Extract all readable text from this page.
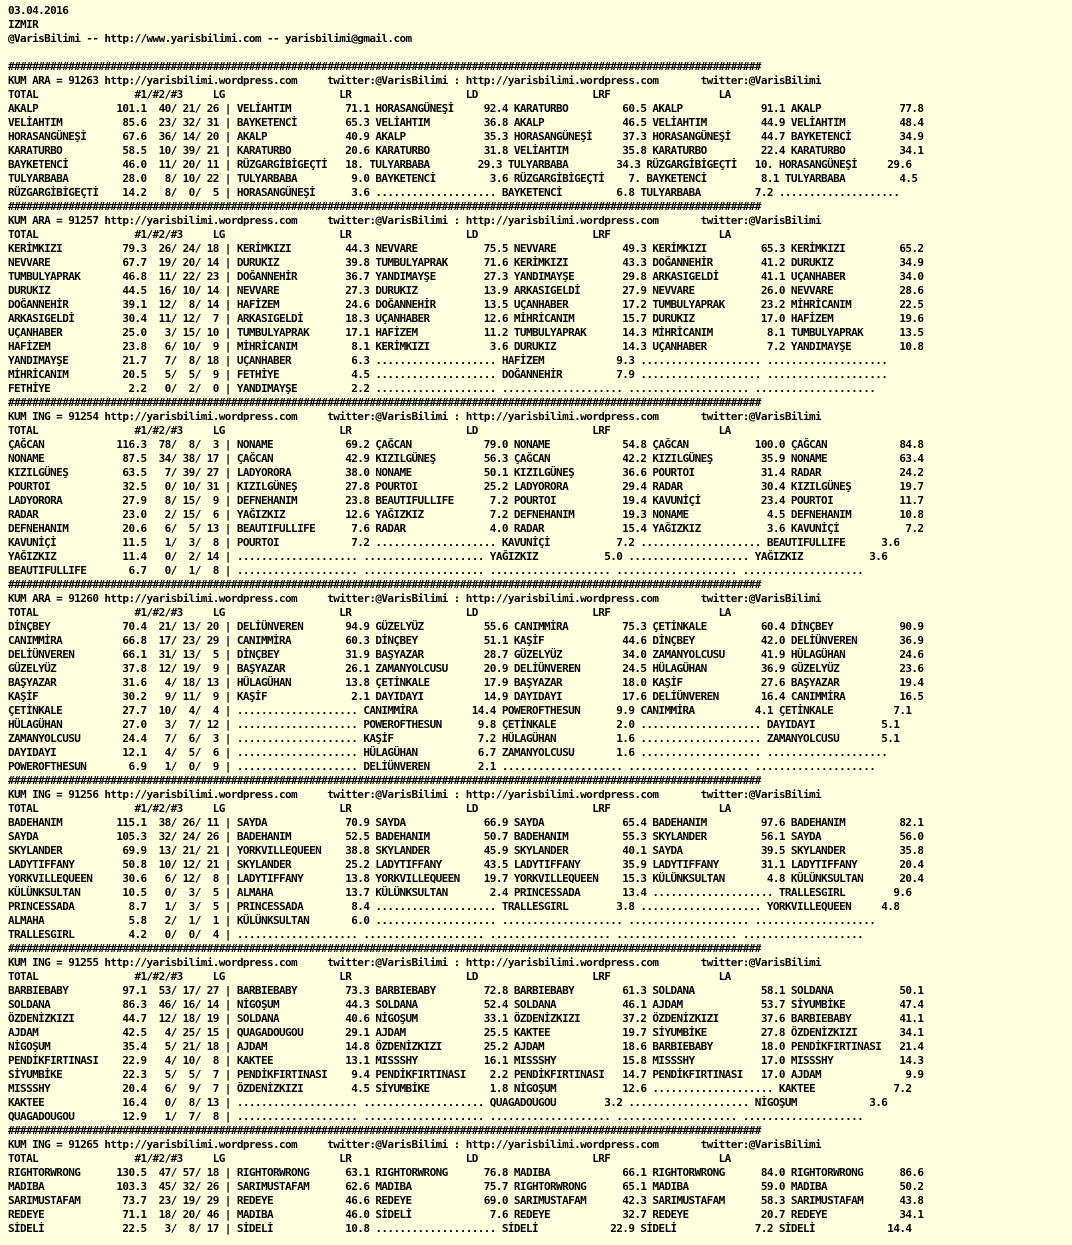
03.04.2016
IZMIR
@VarisBilimi -- http://www.yarisbilimi.com -- yarisbilimi@gmail.com

#############################################################################################################################
KUM ARA = 91263 http://yarisbilimi.wordpress.com     twitter:@VarisBilimi : http://yarisbilimi.wordpress.com       twitter:@VarisBilimi
TOTAL                #1/#2/#3     LG                   LR                   LD                   LRF                  LA
AKALP             101.1  40/ 21/ 26 | VELİAHTIM         71.1 HORASANGÜNEŞİ     92.4 KARATURBO         60.5 AKALP             91.1 AKALP             77.8
VELİAHTIM          85.6  23/ 32/ 31 | BAYKETENCİ        65.3 VELİAHTIM         36.8 AKALP             46.5 VELİAHTIM         44.9 VELİAHTIM         48.4
HORASANGÜNEŞİ      67.6  36/ 14/ 20 | AKALP             40.9 AKALP             35.3 HORASANGÜNEŞİ     37.3 HORASANGÜNEŞİ     44.7 BAYKETENCİ        34.9
KARATURBO          58.5  10/ 39/ 21 | KARATURBO         20.6 KARATURBO         31.8 VELİAHTIM         35.8 KARATURBO         22.4 KARATURBO         34.1
BAYKETENCİ         46.0  11/ 20/ 11 | RÜZGARGİBİGEÇTİ   18. TULYARBABA        29.3 TULYARBABA        34.3 RÜZGARGİBİGEÇTİ   10. HORASANGÜNEŞİ     29.6
TULYARBABA         28.0   8/ 10/ 22 | TULYARBABA         9.0 BAYKETENCİ         3.6 RÜZGARGİBİGEÇTİ    7. BAYKETENCİ         8.1 TULYARBABA         4.5
RÜZGARGİBİGEÇTİ    14.2   8/  0/  5 | HORASANGÜNEŞİ      3.6 .................... BAYKETENCİ         6.8 TULYARBABA         7.2 ....................
#############################################################################################################################
KUM ARA = 91257 http://yarisbilimi.wordpress.com     twitter:@VarisBilimi : http://yarisbilimi.wordpress.com       twitter:@VarisBilimi
TOTAL                #1/#2/#3     LG                   LR                   LD                   LRF                  LA
KERİMKIZI          79.3  26/ 24/ 18 | KERİMKIZI         44.3 NEVVARE           75.5 NEVVARE           49.3 KERİMKIZI         65.3 KERİMKIZI         65.2
NEVVARE            67.7  19/ 20/ 14 | DURUKIZ           39.8 TUMBULYAPRAK      71.6 KERİMKIZI         43.3 DOĞANNEHİR        41.2 DURUKIZ           34.9
TUMBULYAPRAK       46.8  11/ 22/ 23 | DOĞANNEHİR        36.7 YANDIMAYŞE        27.3 YANDIMAYŞE        29.8 ARKASIGELDİ       41.1 UÇANHABER         34.0
DURUKIZ            44.5  16/ 10/ 14 | NEVVARE           27.3 DURUKIZ           13.9 ARKASIGELDİ       27.9 NEVVARE           26.0 NEVVARE           28.6
DOĞANNEHİR         39.1  12/  8/ 14 | HAFİZEM           24.6 DOĞANNEHİR        13.5 UÇANHABER         17.2 TUMBULYAPRAK      23.2 MİHRİCANIM        22.5
ARKASIGELDİ        30.4  11/ 12/  7 | ARKASIGELDİ       18.3 UÇANHABER         12.6 MİHRİCANIM        15.7 DURUKIZ           17.0 HAFİZEM           19.6
UÇANHABER          25.0   3/ 15/ 10 | TUMBULYAPRAK      17.1 HAFİZEM           11.2 TUMBULYAPRAK      14.3 MİHRİCANIM         8.1 TUMBULYAPRAK      13.5
HAFİZEM            23.8   6/ 10/  9 | MİHRİCANIM         8.1 KERİMKIZI          3.6 DURUKIZ           14.3 UÇANHABER          7.2 YANDIMAYŞE        10.8
YANDIMAYŞE         21.7   7/  8/ 18 | UÇANHABER          6.3 .................... HAFİZEM            9.3 .................... ....................
MİHRİCANIM         20.5   5/  5/  9 | FETHİYE            4.5 .................... DOĞANNEHİR         7.9 .................... ....................
FETHİYE             2.2   0/  2/  0 | YANDIMAYŞE         2.2 .................... .................... .................... ....................
#############################################################################################################################
KUM ING = 91254 http://yarisbilimi.wordpress.com     twitter:@VarisBilimi : http://yarisbilimi.wordpress.com       twitter:@VarisBilimi
TOTAL                #1/#2/#3     LG                   LR                   LD                   LRF                  LA
ÇAĞCAN            116.3  78/  8/  3 | NONAME            69.2 ÇAĞCAN            79.0 NONAME            54.8 ÇAĞCAN           100.0 ÇAĞCAN            84.8
NONAME             87.5  34/ 38/ 17 | ÇAĞCAN            42.9 KIZILGÜNEŞ        56.3 ÇAĞCAN            42.2 KIZILGÜNEŞ        35.9 NONAME            63.4
KIZILGÜNEŞ         63.5   7/ 39/ 27 | LADYORORA         38.0 NONAME            50.1 KIZILGÜNEŞ        36.6 POURTOI           31.4 RADAR             24.2
POURTOI            32.5   0/ 10/ 31 | KIZILGÜNEŞ        27.8 POURTOI           25.2 LADYORORA         29.4 RADAR             30.4 KIZILGÜNEŞ        19.7
LADYORORA          27.9   8/ 15/  9 | DEFNEHANIM        23.8 BEAUTIFULLIFE      7.2 POURTOI           19.4 KAVUNİÇİ          23.4 POURTOI           11.7
RADAR              23.0   2/ 15/  6 | YAĞIZKIZ          12.6 YAĞIZKIZ           7.2 DEFNEHANIM        19.3 NONAME             4.5 DEFNEHANIM        10.8
DEFNEHANIM         20.6   6/  5/ 13 | BEAUTIFULLIFE      7.6 RADAR              4.0 RADAR             15.4 YAĞIZKIZ           3.6 KAVUNİÇİ           7.2
KAVUNİÇİ           11.5   1/  3/  8 | POURTOI            7.2 .................... KAVUNİÇİ           7.2 .................... BEAUTIFULLIFE      3.6
YAĞIZKIZ           11.4   0/  2/ 14 | .................... .................... YAĞIZKIZ           5.0 .................... YAĞIZKIZ           3.6
BEAUTIFULLIFE       6.7   0/  1/  8 | .................... .................... .................... .................... ....................
#############################################################################################################################
KUM ARA = 91260 http://yarisbilimi.wordpress.com     twitter:@VarisBilimi : http://yarisbilimi.wordpress.com       twitter:@VarisBilimi
TOTAL                #1/#2/#3     LG                   LR                   LD                   LRF                  LA
DİNÇBEY            70.4  21/ 13/ 20 | DELİÜNVEREN       94.9 GÜZELYÜZ          55.6 CANIMMİRA         75.3 ÇETİNKALE         60.4 DİNÇBEY           90.9
CANIMMİRA          66.8  17/ 23/ 29 | CANIMMİRA         60.3 DİNÇBEY           51.1 KAŞİF             44.6 DİNÇBEY           42.0 DELİÜNVEREN       36.9
DELİÜNVEREN        66.1  31/ 13/  5 | DİNÇBEY           31.9 BAŞYAZAR          28.7 GÜZELYÜZ          34.0 ZAMANYOLCUSU      41.9 HÜLAGÜHAN         24.6
GÜZELYÜZ           37.8  12/ 19/  9 | BAŞYAZAR          26.1 ZAMANYOLCUSU      20.9 DELİÜNVEREN       24.5 HÜLAGÜHAN         36.9 GÜZELYÜZ          23.6
BAŞYAZAR           31.6   4/ 18/ 13 | HÜLAGÜHAN         13.8 ÇETİNKALE         17.9 BAŞYAZAR          18.0 KAŞİF             27.6 BAŞYAZAR          19.4
KAŞİF              30.2   9/ 11/  9 | KAŞİF              2.1 DAYIDAYI          14.9 DAYIDAYI          17.6 DELİÜNVEREN       16.4 CANIMMİRA         16.5
ÇETİNKALE          27.7  10/  4/  4 | .................... CANIMMİRA         14.4 POWEROFTHESUN      9.9 CANIMMİRA          4.1 ÇETİNKALE          7.1
HÜLAGÜHAN          27.0   3/  7/ 12 | .................... POWEROFTHESUN      9.8 ÇETİNKALE          2.0 .................... DAYIDAYI           5.1
ZAMANYOLCUSU       24.4   7/  6/  3 | .................... KAŞİF              7.2 HÜLAGÜHAN          1.6 .................... ZAMANYOLCUSU       5.1
DAYIDAYI           12.1   4/  5/  6 | .................... HÜLAGÜHAN          6.7 ZAMANYOLCUSU       1.6 .................... ....................
POWEROFTHESUN       6.9   1/  0/  9 | .................... DELİÜNVEREN        2.1 .................... .................... ....................
#############################################################################################################################
KUM ING = 91256 http://yarisbilimi.wordpress.com     twitter:@VarisBilimi : http://yarisbilimi.wordpress.com       twitter:@VarisBilimi
TOTAL                #1/#2/#3     LG                   LR                   LD                   LRF                  LA
BADEHANIM         115.1  38/ 26/ 11 | SAYDA             70.9 SAYDA             66.9 SAYDA             65.4 BADEHANIM         97.6 BADEHANIM         82.1
SAYDA             105.3  32/ 24/ 26 | BADEHANIM         52.5 BADEHANIM         50.7 BADEHANIM         55.3 SKYLANDER         56.1 SAYDA             56.0
SKYLANDER          69.9  13/ 21/ 21 | YORKVILLEQUEEN    38.8 SKYLANDER         45.9 SKYLANDER         40.1 SAYDA             39.5 SKYLANDER         35.8
LADYTIFFANY        50.8  10/ 12/ 21 | SKYLANDER         25.2 LADYTIFFANY       43.5 LADYTIFFANY       35.9 LADYTIFFANY       31.1 LADYTIFFANY       20.4
YORKVILLEQUEEN     30.6   6/ 12/  8 | LADYTIFFANY       13.8 YORKVILLEQUEEN    19.7 YORKVILLEQUEEN    15.3 KÜLÜNKSULTAN       4.8 KÜLÜNKSULTAN      20.4
KÜLÜNKSULTAN       10.5   0/  3/  5 | ALMAHA            13.7 KÜLÜNKSULTAN       2.4 PRINCESSADA       13.4 .................... TRALLESGIRL        9.6
PRINCESSADA         8.7   1/  3/  5 | PRINCESSADA        8.4 .................... TRALLESGIRL        3.8 .................... YORKVILLEQUEEN     4.8
ALMAHA              5.8   2/  1/  1 | KÜLÜNKSULTAN       6.0 .................... .................... .................... ....................
TRALLESGIRL         4.2   0/  0/  4 | .................... .................... .................... .................... ....................
#############################################################################################################################
KUM ING = 91255 http://yarisbilimi.wordpress.com     twitter:@VarisBilimi : http://yarisbilimi.wordpress.com       twitter:@VarisBilimi
TOTAL                #1/#2/#3     LG                   LR                   LD                   LRF                  LA
BARBIEBABY         97.1  53/ 17/ 27 | BARBIEBABY        73.3 BARBIEBABY        72.8 BARBIEBABY        61.3 SOLDANA           58.1 SOLDANA           50.1
SOLDANA            86.3  46/ 16/ 14 | NİGOŞUM           44.3 SOLDANA           52.4 SOLDANA           46.1 AJDAM             53.7 SİYUMBİKE         47.4
ÖZDENİZKIZI        44.7  12/ 18/ 19 | SOLDANA           40.6 NİGOŞUM           33.1 ÖZDENİZKIZI       37.2 ÖZDENİZKIZI       37.6 BARBIEBABY        41.1
AJDAM              42.5   4/ 25/ 15 | QUAGADOUGOU       29.1 AJDAM             25.5 KAKTEE            19.7 SİYUMBİKE         27.8 ÖZDENİZKIZI       34.1
NİGOŞUM            35.4   5/ 21/ 18 | AJDAM             14.8 ÖZDENİZKIZI       25.2 AJDAM             18.6 BARBIEBABY        18.0 PENDİKFIRTINASI   21.4
PENDİKFIRTINASI    22.9   4/ 10/  8 | KAKTEE            13.1 MISSSHY           16.1 MISSSHY           15.8 MISSSHY           17.0 MISSSHY           14.3
SİYUMBİKE          22.3   5/  5/  7 | PENDİKFIRTINASI    9.4 PENDİKFIRTINASI    2.2 PENDİKFIRTINASI   14.7 PENDİKFIRTINASI   17.0 AJDAM              9.9
MISSSHY            20.4   6/  9/  7 | ÖZDENİZKIZI        4.5 SİYUMBİKE          1.8 NİGOŞUM           12.6 .................... KAKTEE             7.2
KAKTEE             16.4   0/  8/ 13 | .................... .................... QUAGADOUGOU        3.2 .................... NİGOŞUM            3.6
QUAGADOUGOU        12.9   1/  7/  8 | .................... .................... .................... .................... ....................
#############################################################################################################################
KUM ING = 91265 http://yarisbilimi.wordpress.com     twitter:@VarisBilimi : http://yarisbilimi.wordpress.com       twitter:@VarisBilimi
TOTAL                #1/#2/#3     LG                   LR                   LD                   LRF                  LA
RIGHTORWRONG      130.5  47/ 57/ 18 | RIGHTORWRONG      63.1 RIGHTORWRONG      76.8 MADIBA            66.1 RIGHTORWRONG      84.0 RIGHTORWRONG      86.6
MADIBA            103.3  45/ 32/ 26 | SARIMUSTAFAM      62.6 MADIBA            75.7 RIGHTORWRONG      65.1 MADIBA            59.0 MADIBA            50.2
SARIMUSTAFAM       73.7  23/ 19/ 29 | REDEYE            46.6 REDEYE            69.0 SARIMUSTAFAM      42.3 SARIMUSTAFAM      58.3 SARIMUSTAFAM      43.8
REDEYE             71.1  18/ 20/ 46 | MADIBA            46.0 SİDELİ             7.6 REDEYE            32.7 REDEYE            20.7 REDEYE            34.1
SİDELİ             22.5   3/  8/ 17 | SİDELİ            10.8 .................... SİDELİ            22.9 SİDELİ             7.2 SİDELİ            14.4
